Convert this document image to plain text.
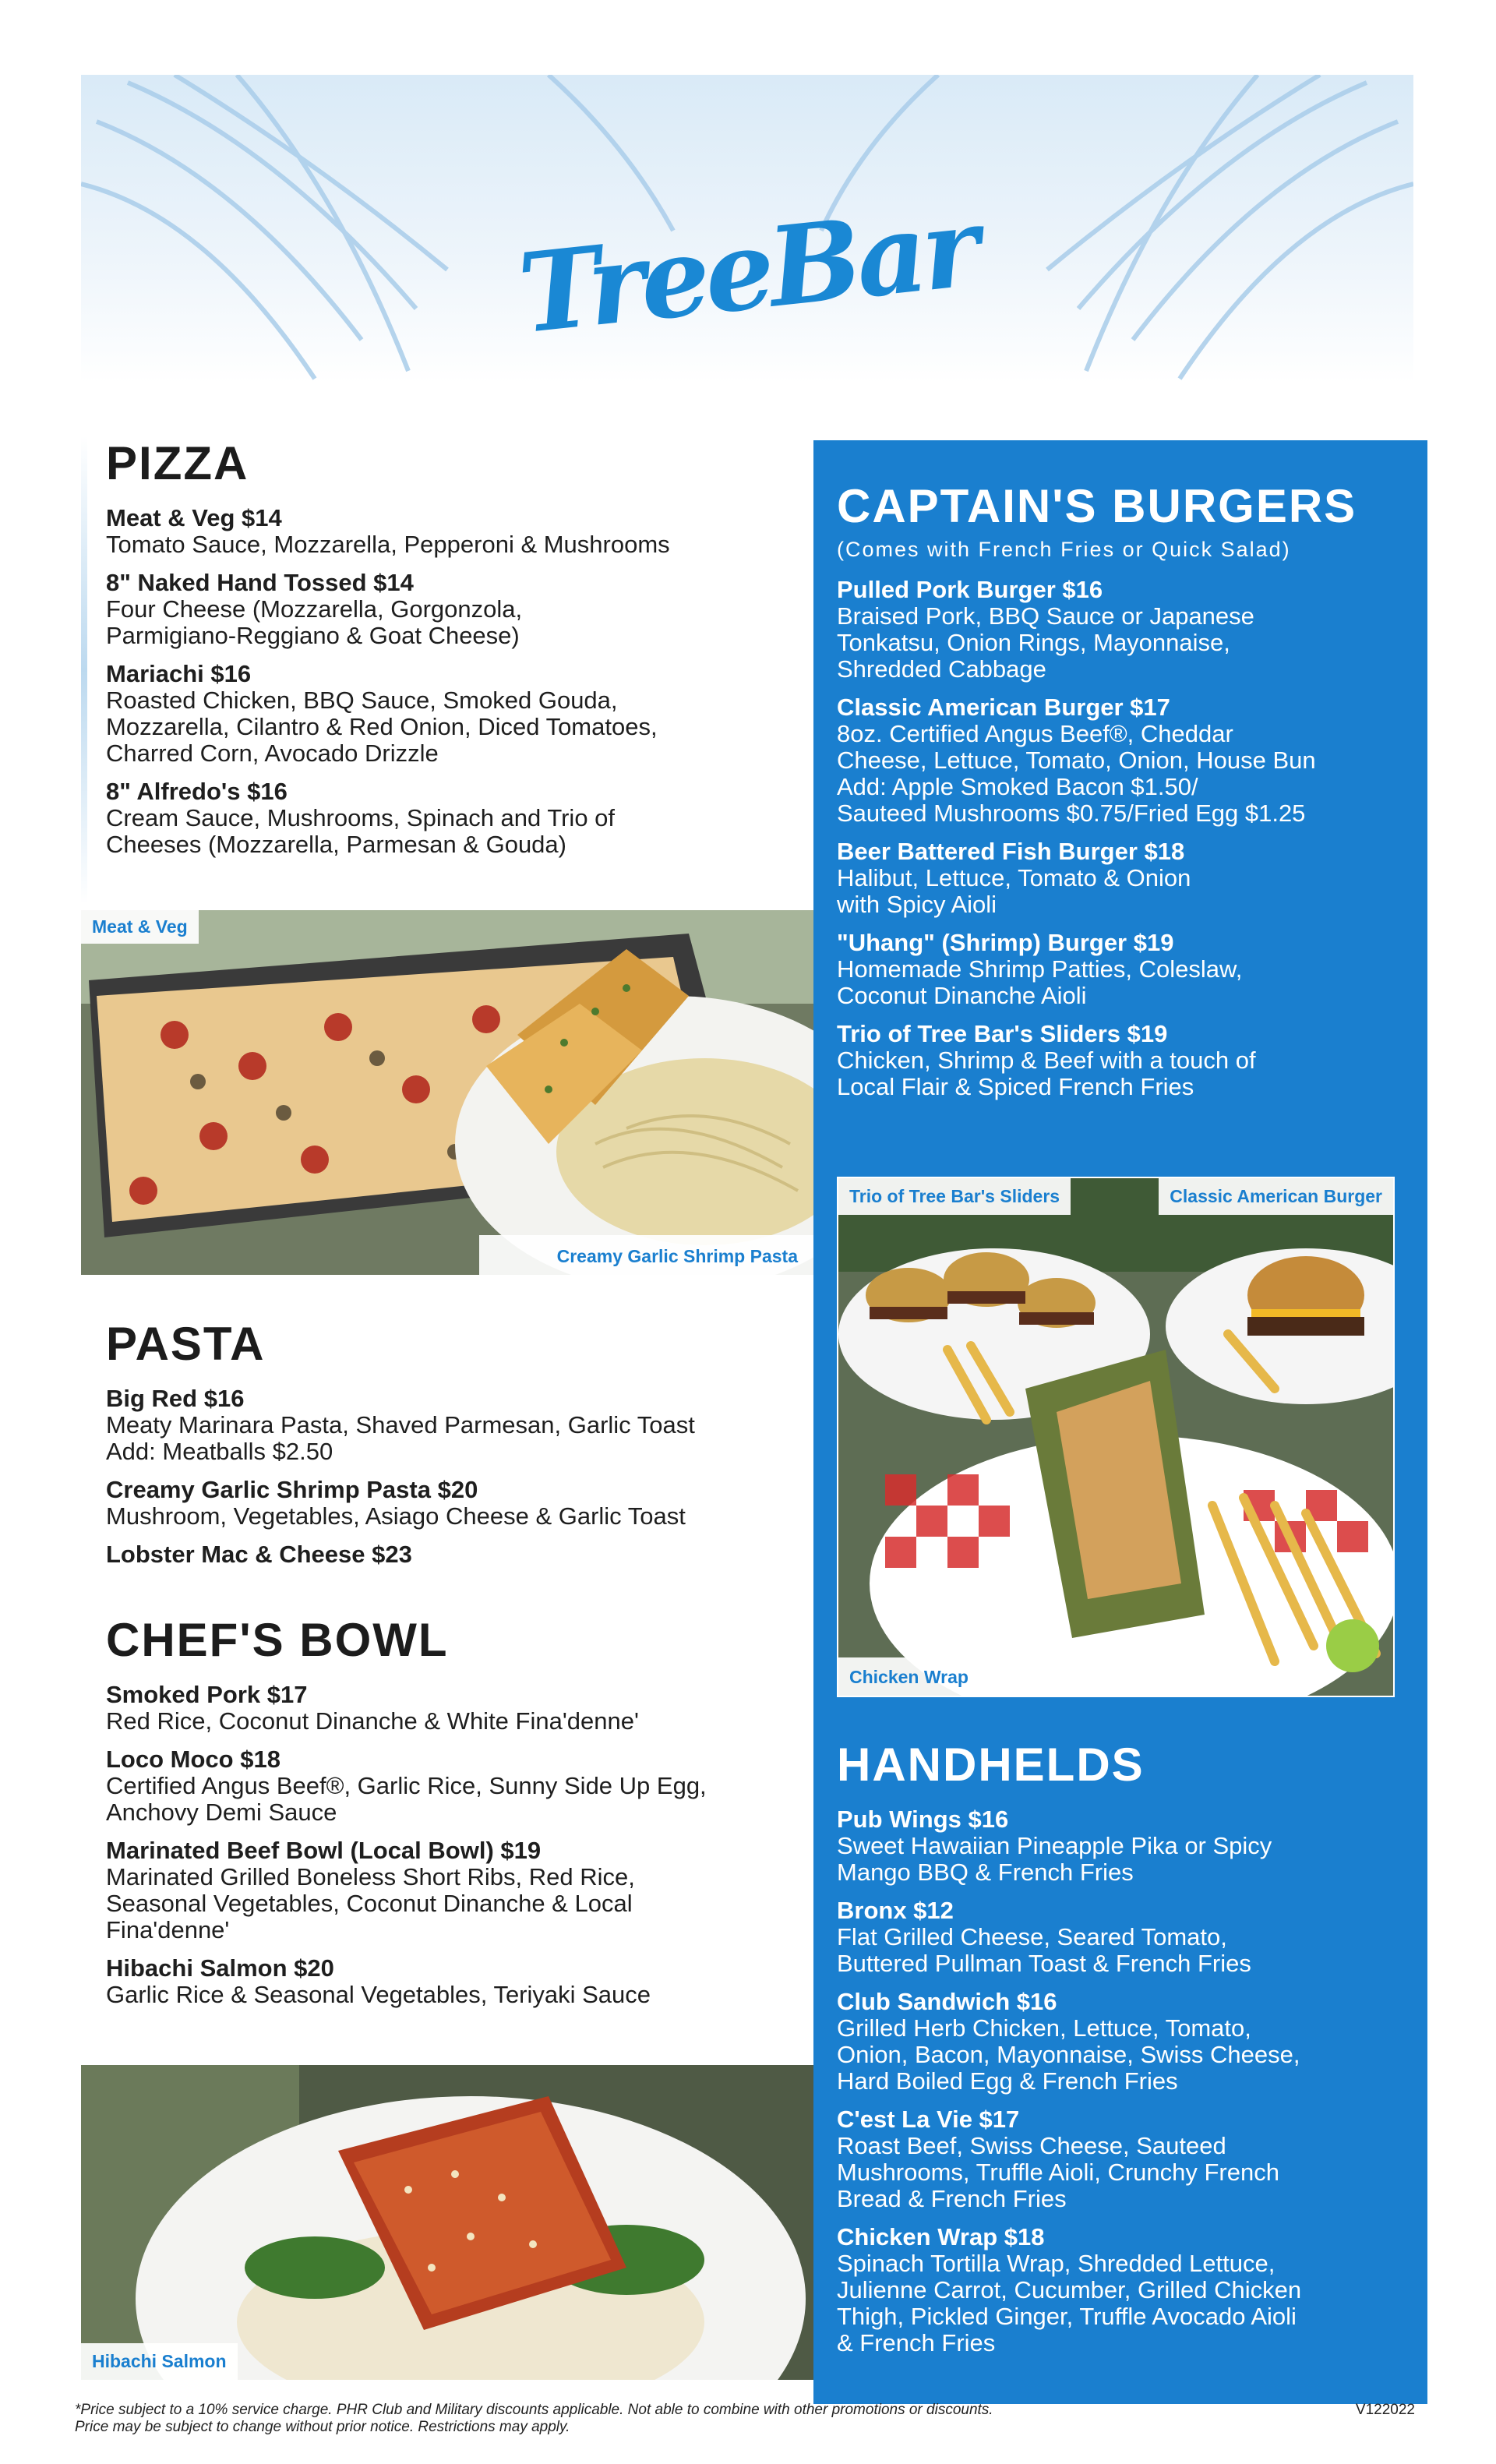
TreeBar
PIZZA
Meat & Veg $14
Tomato Sauce, Mozzarella, Pepperoni & Mushrooms
8" Naked Hand Tossed $14
Four Cheese (Mozzarella, Gorgonzola,
Parmigiano-Reggiano & Goat Cheese)
Mariachi $16
Roasted Chicken, BBQ Sauce, Smoked Gouda,
Mozzarella, Cilantro & Red Onion, Diced Tomatoes,
Charred Corn, Avocado Drizzle
8" Alfredo's $16
Cream Sauce, Mushrooms, Spinach and Trio of
Cheeses (Mozzarella, Parmesan & Gouda)
Meat & Veg
Creamy Garlic Shrimp Pasta
PASTA
Big Red $16
Meaty Marinara Pasta, Shaved Parmesan, Garlic Toast
Add: Meatballs $2.50
Creamy Garlic Shrimp Pasta $20
Mushroom, Vegetables, Asiago Cheese & Garlic Toast
Lobster Mac & Cheese $23
CHEF'S BOWL
Smoked Pork $17
Red Rice, Coconut Dinanche & White Fina'denne'
Loco Moco $18
Certified Angus Beef®, Garlic Rice, Sunny Side Up Egg,
Anchovy Demi Sauce
Marinated Beef Bowl (Local Bowl) $19
Marinated Grilled Boneless Short Ribs, Red Rice,
Seasonal Vegetables, Coconut Dinanche & Local
Fina'denne'
Hibachi Salmon $20
Garlic Rice & Seasonal Vegetables, Teriyaki Sauce
Hibachi Salmon
CAPTAIN'S BURGERS
(Comes with French Fries or Quick Salad)
Pulled Pork Burger $16
Braised Pork, BBQ Sauce or Japanese
Tonkatsu, Onion Rings, Mayonnaise,
Shredded Cabbage
Classic American Burger $17
8oz. Certified Angus Beef®, Cheddar
Cheese, Lettuce, Tomato, Onion, House Bun
Add: Apple Smoked Bacon $1.50/
Sauteed Mushrooms $0.75/Fried Egg $1.25
Beer Battered Fish Burger $18
Halibut, Lettuce, Tomato & Onion
with Spicy Aioli
"Uhang" (Shrimp) Burger $19
Homemade Shrimp Patties, Coleslaw,
Coconut Dinanche Aioli
Trio of Tree Bar's Sliders $19
Chicken, Shrimp & Beef with a touch of
Local Flair & Spiced French Fries
Trio of Tree Bar's Sliders	Classic American Burger
Chicken Wrap
HANDHELDS
Pub Wings $16
Sweet Hawaiian Pineapple Pika or Spicy
Mango BBQ & French Fries
Bronx $12
Flat Grilled Cheese, Seared Tomato,
Buttered Pullman Toast & French Fries
Club Sandwich $16
Grilled Herb Chicken, Lettuce, Tomato,
Onion, Bacon, Mayonnaise, Swiss Cheese,
Hard Boiled Egg & French Fries
C'est La Vie $17
Roast Beef, Swiss Cheese, Sauteed
Mushrooms, Truffle Aioli, Crunchy French
Bread & French Fries
Chicken Wrap $18
Spinach Tortilla Wrap, Shredded Lettuce,
Julienne Carrot, Cucumber, Grilled Chicken
Thigh, Pickled Ginger, Truffle Avocado Aioli
& French Fries
*Price subject to a 10% service charge. PHR Club and Military discounts applicable. Not able to combine with other promotions or discounts.
Price may be subject to change without prior notice. Restrictions may apply.
V122022
